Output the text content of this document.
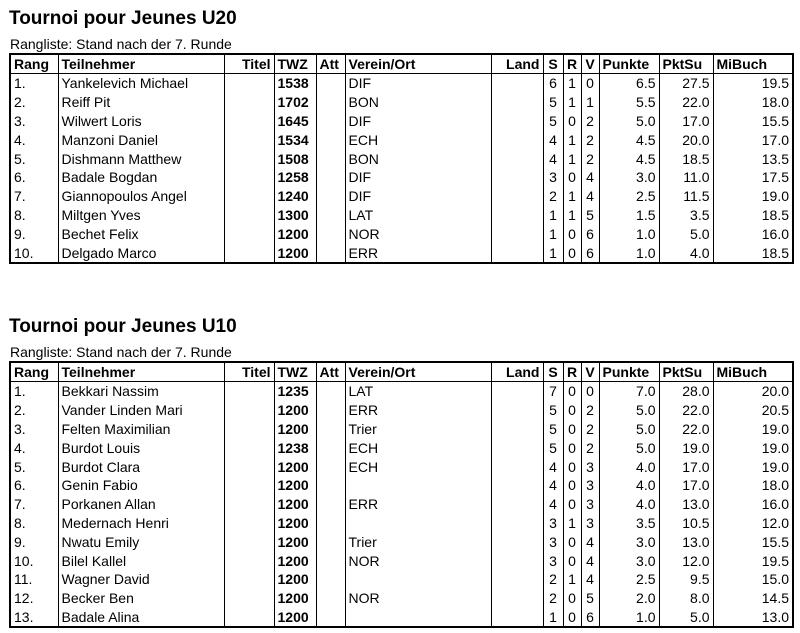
Tournoi pour Jeunes U20
Rangliste: Stand nach der 7. Runde
Rang	Teilnehmer	Titel	TWZ	Att	Verein/Ort	Land	S	R	V	Punkte	PktSu	MiBuch
1.	Yankelevich Michael		1538		DIF		6	1	0	6.5	27.5	19.5
2.	Reiff Pit		1702		BON		5	1	1	5.5	22.0	18.0
3.	Wilwert Loris		1645		DIF		5	0	2	5.0	17.0	15.5
4.	Manzoni Daniel		1534		ECH		4	1	2	4.5	20.0	17.0
5.	Dishmann Matthew		1508		BON		4	1	2	4.5	18.5	13.5
6.	Badale Bogdan		1258		DIF		3	0	4	3.0	11.0	17.5
7.	Giannopoulos Angel		1240		DIF		2	1	4	2.5	11.5	19.0
8.	Miltgen Yves		1300		LAT		1	1	5	1.5	3.5	18.5
9.	Bechet Felix		1200		NOR		1	0	6	1.0	5.0	16.0
10.	Delgado Marco		1200		ERR		1	0	6	1.0	4.0	18.5
Tournoi pour Jeunes U10
Rangliste: Stand nach der 7. Runde
Rang	Teilnehmer	Titel	TWZ	Att	Verein/Ort	Land	S	R	V	Punkte	PktSu	MiBuch
1.	Bekkari Nassim		1235		LAT		7	0	0	7.0	28.0	20.0
2.	Vander Linden Mari		1200		ERR		5	0	2	5.0	22.0	20.5
3.	Felten Maximilian		1200		Trier		5	0	2	5.0	22.0	19.0
4.	Burdot Louis		1238		ECH		5	0	2	5.0	19.0	19.0
5.	Burdot Clara		1200		ECH		4	0	3	4.0	17.0	19.0
6.	Genin Fabio		1200				4	0	3	4.0	17.0	18.0
7.	Porkanen Allan		1200		ERR		4	0	3	4.0	13.0	16.0
8.	Medernach Henri		1200				3	1	3	3.5	10.5	12.0
9.	Nwatu Emily		1200		Trier		3	0	4	3.0	13.0	15.5
10.	Bilel Kallel		1200		NOR		3	0	4	3.0	12.0	19.5
11.	Wagner David		1200				2	1	4	2.5	9.5	15.0
12.	Becker Ben		1200		NOR		2	0	5	2.0	8.0	14.5
13.	Badale Alina		1200				1	0	6	1.0	5.0	13.0
